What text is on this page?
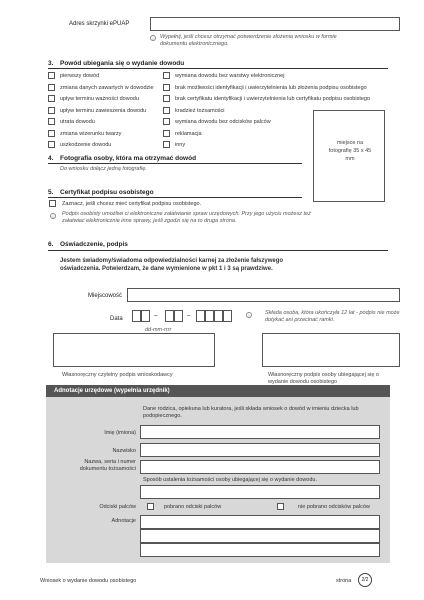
Adres skrzynki ePUAP
i	Wypełnij, jeśli chcesz otrzymać potwierdzenie złożenia wniosku w formie dokumentu elektronicznego.
3. Powód ubiegania się o wydanie dowodu
pierwszy dowód
zmiana danych zawartych w dowodzie
upływ terminu ważności dowodu
upływ terminu zawieszenia dowodu
utrata dowodu
zmiana wizerunku twarzy
uszkodzenie dowodu
wymiana dowodu bez warstwy elektronicznej
brak możliwości identyfikacji i uwierzytelnienia lub złożenia podpisu osobistego
brak certyfikatu identyfikacji i uwierzytelnienia lub certyfikatu podpisu osobistego
kradzież tożsamości
wymiana dowodu bez odcisków palców
reklamacja
inny	miejsce na fotografię 35 x 45 mm
4. Fotografia osoby, która ma otrzymać dowód
Do wniosku dołącz jedną fotografię.
5. Certyfikat podpisu osobistego
Zaznacz, jeśli chcesz mieć certyfikat podpisu osobistego.
i	Podpis osobisty umożliwi ci elektroniczne załatwianie spraw urzędowych. Przy jego użyciu możesz też załatwiać elektronicznie inne sprawy, jeśli zgodzi się na to druga strona.
6. Oświadczenie, podpis
Jestem świadomy/świadoma odpowiedzialności karnej za złożenie fałszywego oświadczenia. Potwierdzam, że dane wymienione w pkt 1 i 3 są prawdziwe.
Miejscowość
Data	–	–
dd-mm-rrrr
i	Składa osoba, która ukończyła 12 lat - podpis nie może dotykać ani przecinać ramki.
Własnoręczny czytelny podpis wnioskodawcy	Własnoręczny podpis osoby ubiegającej się o wydanie dowodu osobistego
Adnotacje urzędowe (wypełnia urzędnik)
Dane rodzica, opiekuna lub kuratora, jeśli składa wniosek o dowód w imieniu dziecka lub podopiecznego.
Imię (imiona)
Nazwisko
Nazwa, seria i numer dokumentu tożsamości
Sposób ustalenia tożsamości osoby ubiegającej się o wydanie dowodu.
Odciski palców	pobrano odciski palców	nie pobrano odcisków palców
Adnotacje
Wniosek o wydanie dowodu osobistego	strona	2/2
